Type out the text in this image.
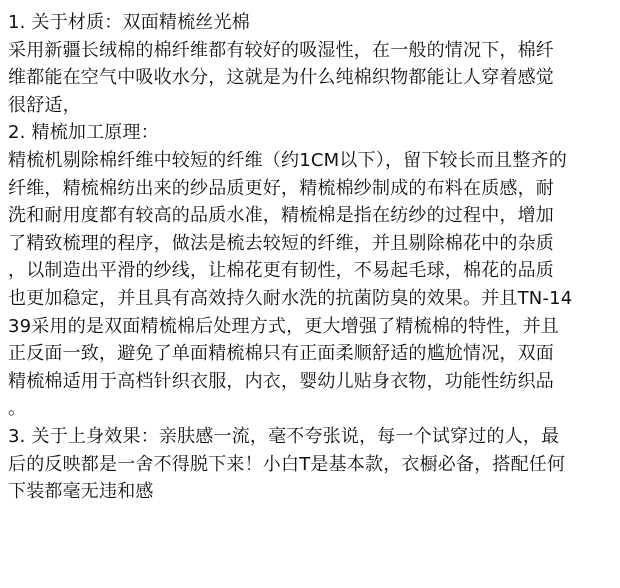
1. 关于材质：双面精梳丝光棉
采用新疆长绒棉的棉纤维都有较好的吸湿性，在一般的情况下，棉纤
维都能在空气中吸收水分，这就是为什么纯棉织物都能让人穿着感觉
很舒适，
2. 精梳加工原理：
精梳机剔除棉纤维中较短的纤维（约1CM以下），留下较长而且整齐的
纤维，精梳棉纺出来的纱品质更好，精梳棉纱制成的布料在质感，耐
洗和耐用度都有较高的品质水准，精梳棉是指在纺纱的过程中，增加
了精致梳理的程序，做法是梳去较短的纤维，并且剔除棉花中的杂质
，以制造出平滑的纱线，让棉花更有韧性，不易起毛球，棉花的品质
也更加稳定，并且具有高效持久耐水洗的抗菌防臭的效果。并且TN-14
39采用的是双面精梳棉后处理方式，更大增强了精梳棉的特性，并且
正反面一致，避免了单面精梳棉只有正面柔顺舒适的尴尬情况，双面
精梳棉适用于高档针织衣服，内衣，婴幼儿贴身衣物，功能性纺织品
。
3. 关于上身效果：亲肤感一流，毫不夸张说，每一个试穿过的人，最
后的反映都是一舍不得脱下来！小白T是基本款，衣橱必备，搭配任何
下装都毫无违和感
